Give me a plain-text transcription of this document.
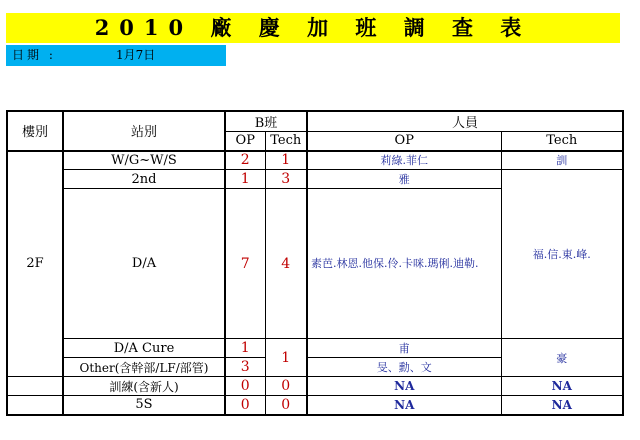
2010 廠 慶 加 班 調 查 表
日期 :	1月7日
樓別	站別	B班		人員	
		OP	Tech	OP	Tech
2F	W/G~W/S	2	1	莉綠.菲仁	訓
	2nd	1	3	雅	福.信.東.峰.
	D/A	7	4	素芭.林恩.他保.伶.卡咪.瑪俐.迪勒.	
	D/A Cure	1	1	甫	豪
	Other(含幹部/LF/部管)	3		旻、勳、文	
	訓練(含新人)	0	0	NA	NA
	5S	0	0	NA	NA
